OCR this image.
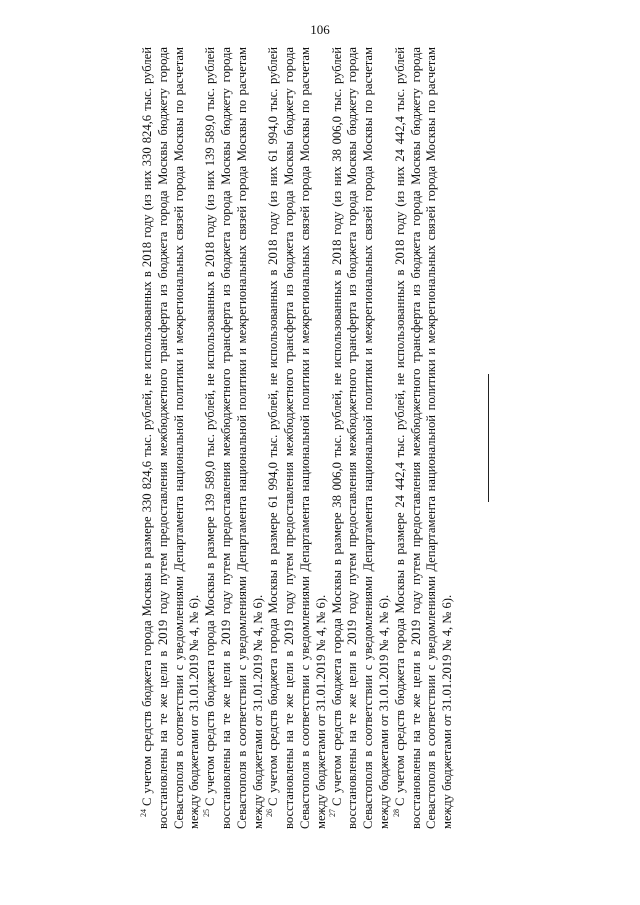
106

$^{24}$С учетом средств бюджета города Москвы в размере 330 824,6 тыс. рублей, не использованных в 2018 году (из них 330 824,6 тыс. рублей восстановлены на те же цели в 2019 году путем предоставления межбюджетного трансферта из бюджета города Москвы бюджету города Севастополя в соответствии с уведомлениями Департамента национальной политики и межрегиональных связей города Москвы по расчетам между бюджетами от 31.01.2019 № 4, № 6). $^{25}$С учетом средств бюджета города Москвы в размере 139 589,0 тыс. рублей, не использованных в 2018 году (из них 139 589,0 тыс. рублей восстановлены на те же цели в 2019 году путем предоставления межбюджетного трансферта из бюджета города Москвы бюджету города Севастополя в соответствии с уведомлениями Департамента национальной политики и межрегиональных связей города Москвы по расчетам между бюджетами от 31.01.2019 № 4, № 6). $^{26}$С учетом средств бюджета города Москвы в размере 61 994,0 тыс. рублей, не использованных в 2018 году (из них 61 994,0 тыс. рублей восстановлены на те же цели в 2019 году путем предоставления межбюджетного трансферта из бюджета города Москвы бюджету города Севастополя в соответствии с уведомлениями Департамента национальной политики и межрегиональных связей города Москвы по расчетам между бюджетами от 31.01.2019 № 4, № 6). $^{27}$С учетом средств бюджета города Москвы в размере 38 006,0 тыс. рублей, не использованных в 2018 году (из них 38 006,0 тыс. рублей восстановлены на те же цели в 2019 году путем предоставления межбюджетного трансферта из бюджета города Москвы бюджету города Севастополя в соответствии с уведомлениями Департамента национальной политики и межрегиональных связей города Москвы по расчетам между бюджетами от 31.01.2019 № 4, № 6). $^{28}$С учетом средств бюджета города Москвы в размере 24 442,4 тыс. рублей, не использованных в 2018 году (из них 24 442,4 тыс. рублей восстановлены на те же цели в 2019 году путем предоставления межбюджетного трансферта из бюджета города Москвы бюджету города Севастополя в соответствии с уведомлениями Департамента национальной политики и межрегиональных связей города Москвы по расчетам между бюджетами от 31.01.2019 № 4, № 6).
